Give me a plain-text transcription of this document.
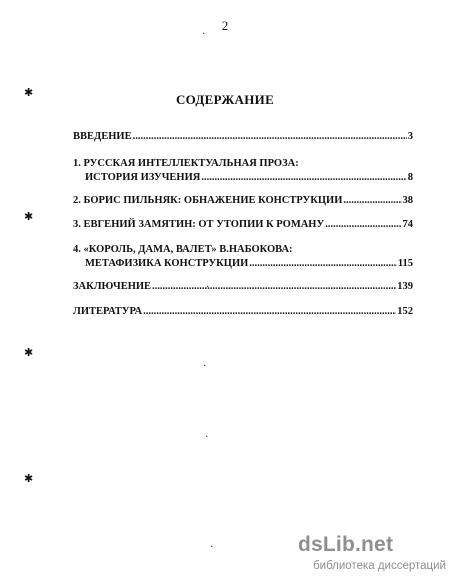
2
СОДЕРЖАНИЕ
ВВЕДЕНИЕ .....	3
1. РУССКАЯ ИНТЕЛЛЕКТУАЛЬНАЯ ПРОЗА:
ИСТОРИЯ ИЗУЧЕНИЯ .....	8
2. БОРИС ПИЛЬНЯК: ОБНАЖЕНИЕ КОНСТРУКЦИИ .....	38
3. ЕВГЕНИЙ ЗАМЯТИН: ОТ УТОПИИ К РОМАНУ .....	74
4. «КОРОЛЬ, ДАМА, ВАЛЕТ» В.НАБОКОВА:
МЕТАФИЗИКА КОНСТРУКЦИИ .....	115
ЗАКЛЮЧЕНИЕ .....	139
ЛИТЕРАТУРА .....	152
✱
✱
✱
✱
·
·
·
·
·	dsLib.net
библиотека диссертаций
